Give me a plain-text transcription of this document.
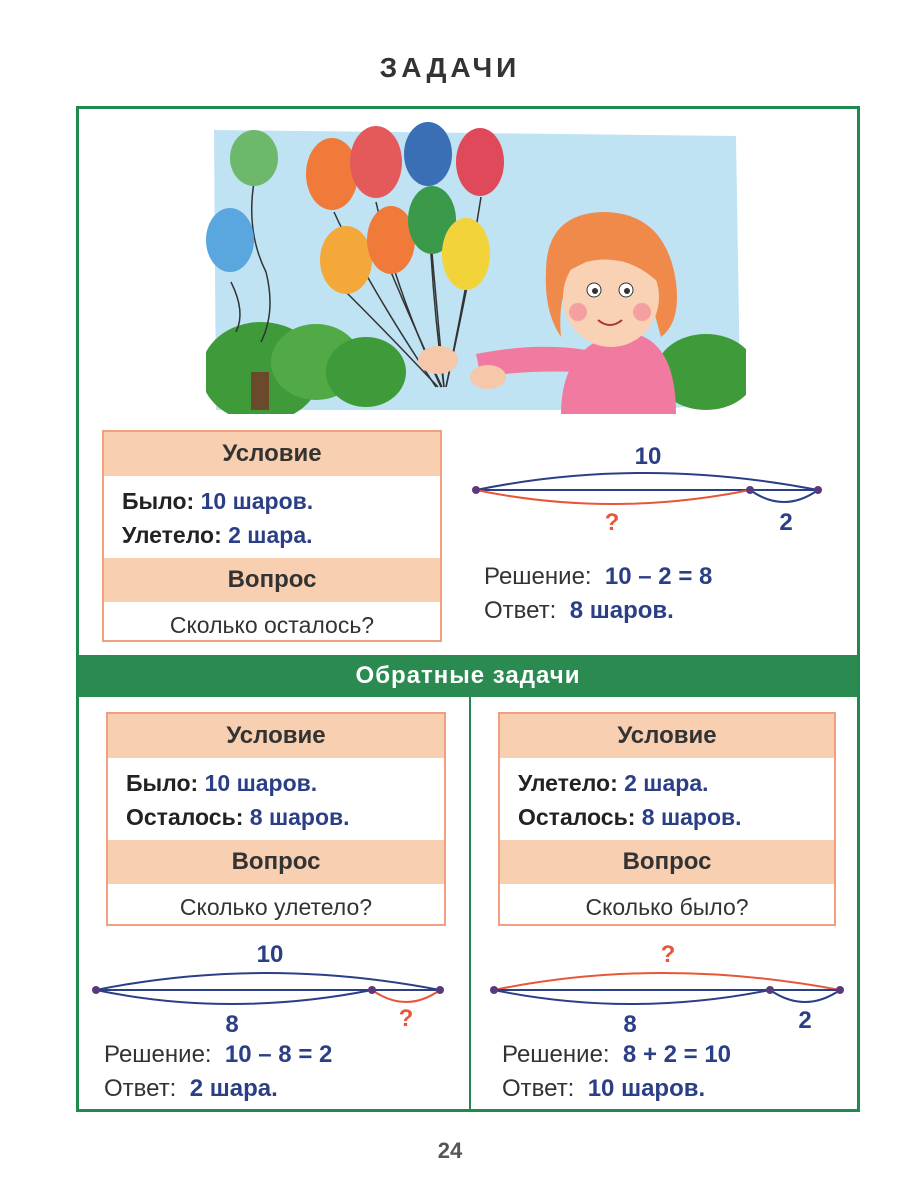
ЗАДАЧИ
Условие
Было: 10 шаров.
Улетело: 2 шара.
Вопрос
Сколько осталось?
10
?	2
Решение: 10 – 2 = 8
Ответ: 8 шаров.
Обратные задачи
Условие
Было: 10 шаров.
Осталось: 8 шаров.
Вопрос
Сколько улетело?
10
8	?
Решение: 10 – 8 = 2
Ответ: 2 шара.
Условие
Улетело: 2 шара.
Осталось: 8 шаров.
Вопрос
Сколько было?
?
8	2
Решение: 8 + 2 = 10
Ответ: 10 шаров.
24
